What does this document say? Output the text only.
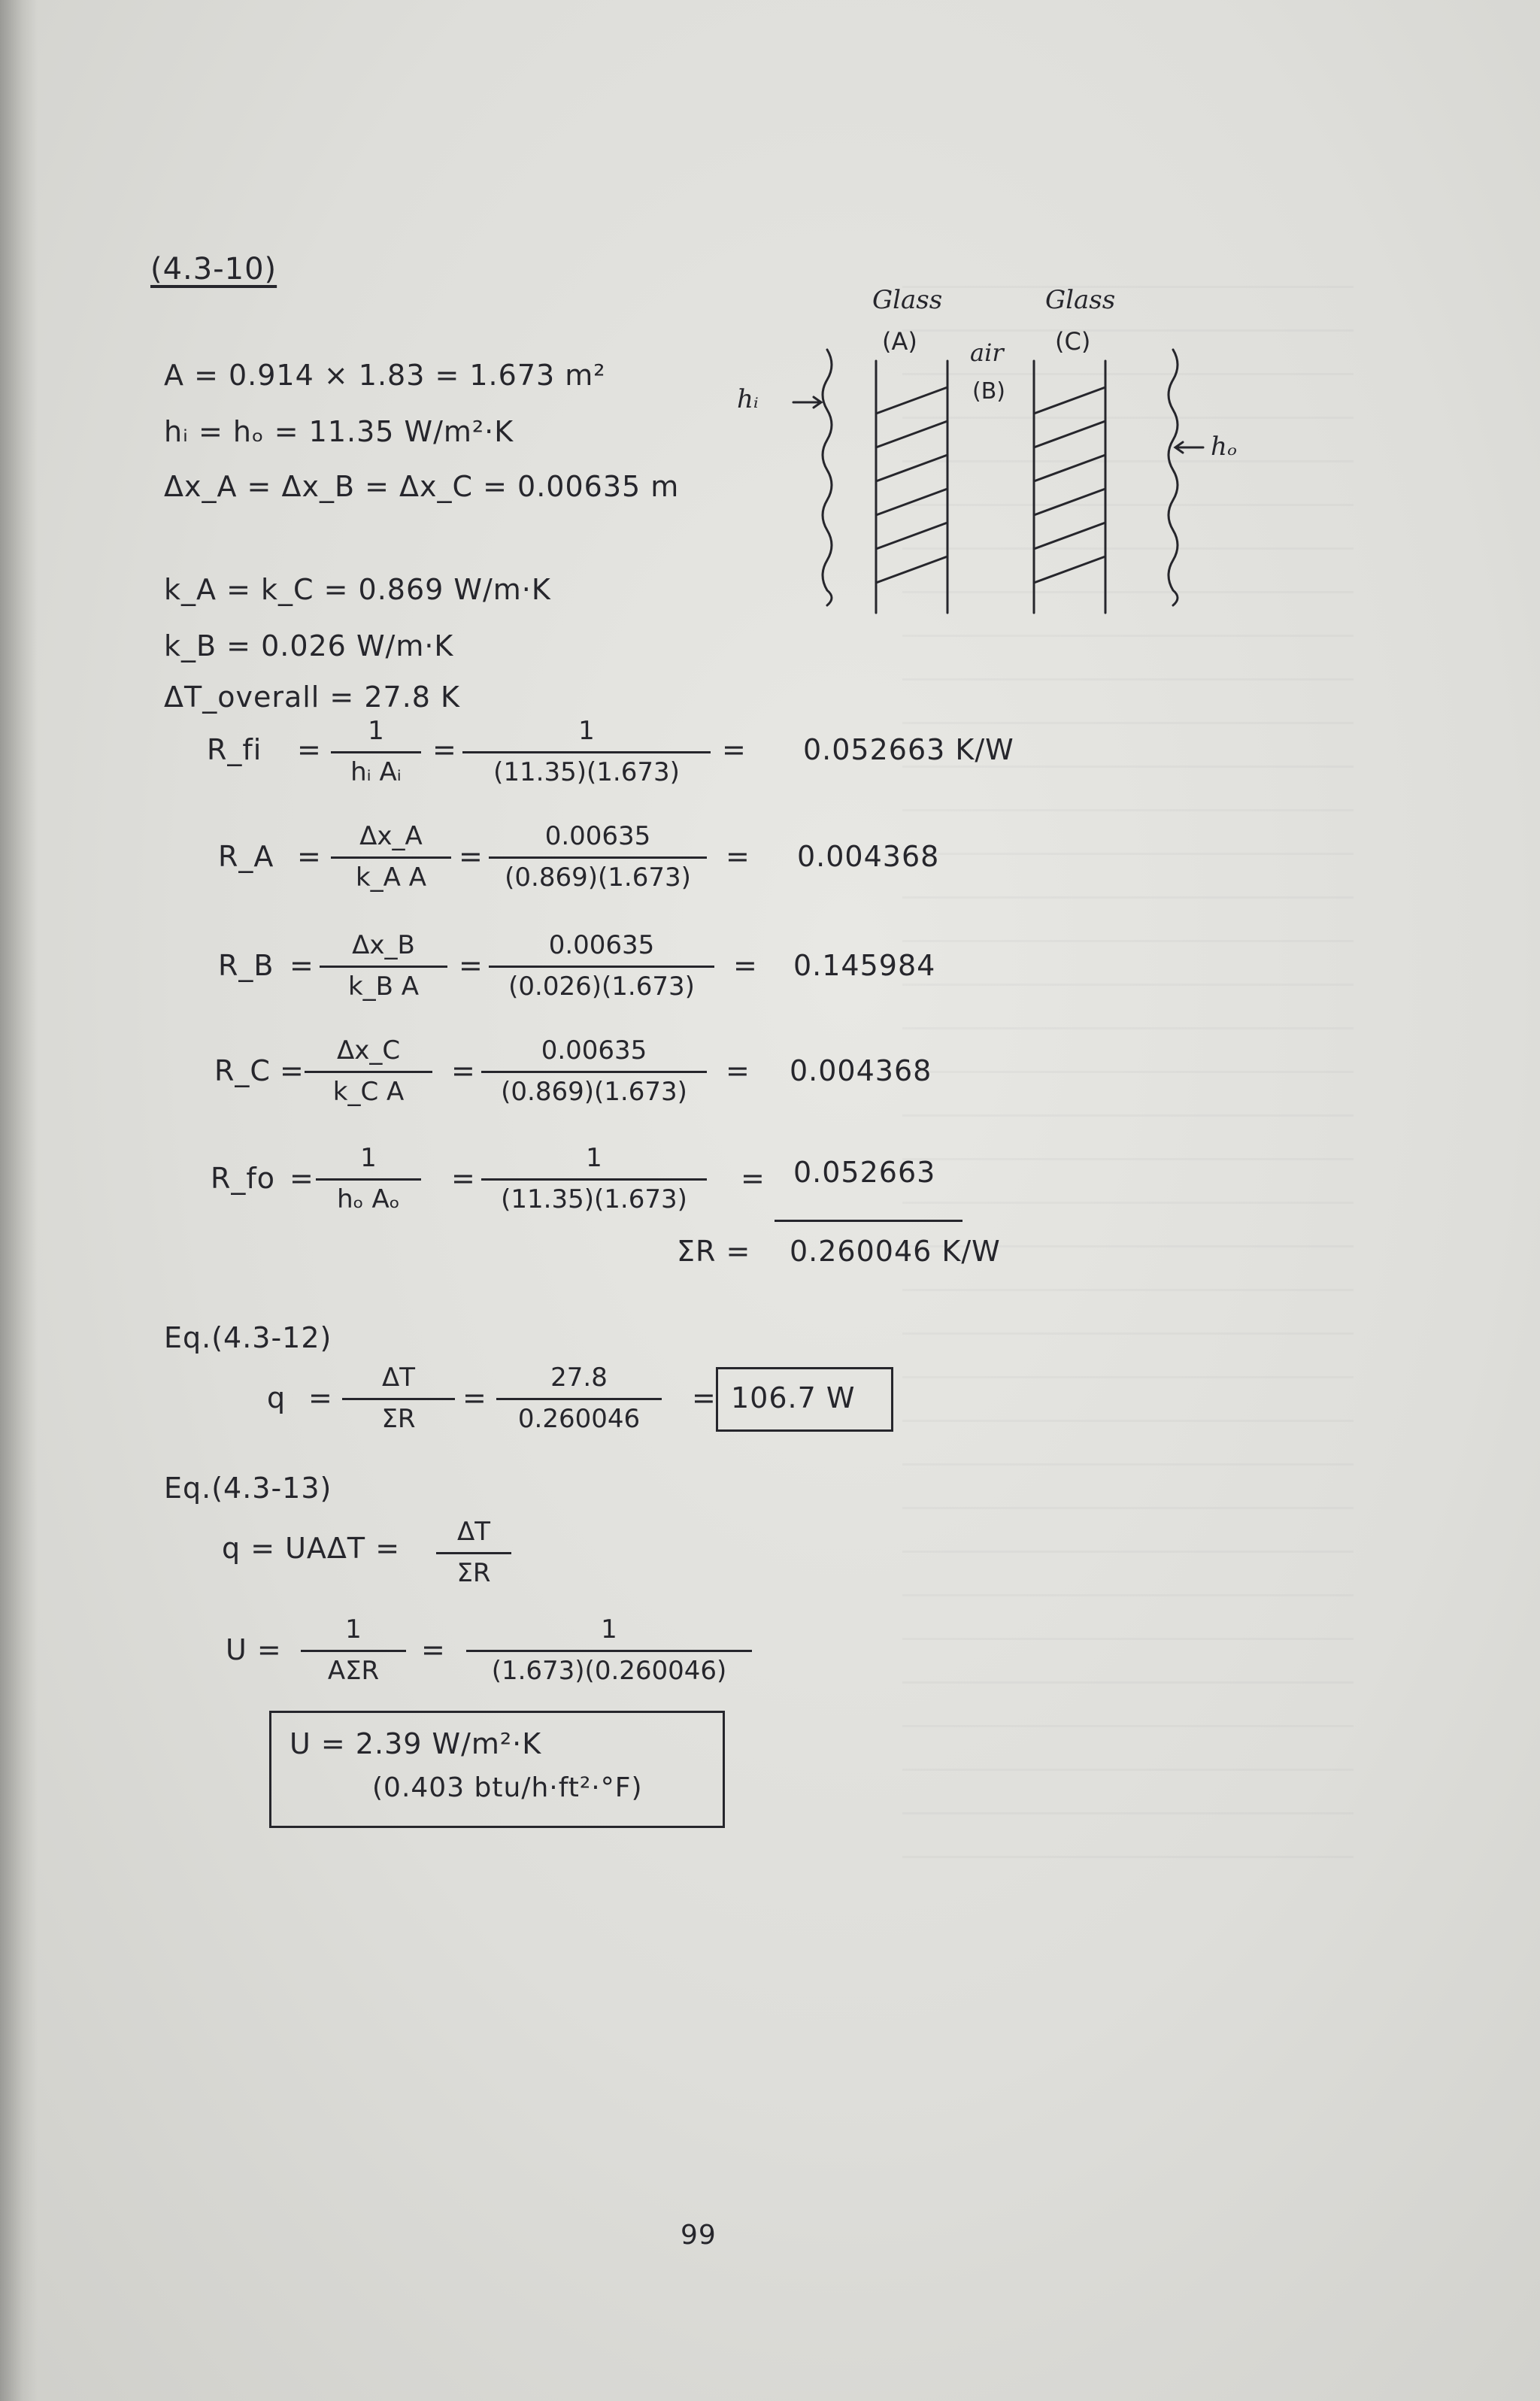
(4.3-10)
A = 0.914 × 1.83 = 1.673 m²
hᵢ = hₒ = 11.35 W/m²·K
Δx_A = Δx_B = Δx_C = 0.00635 m
k_A = k_C = 0.869 W/m·K
k_B = 0.026 W/m·K
ΔT_overall = 27.8 K
Glass	Glass
(A)	(C)
air
(B)
hᵢ
hₒ
R_fi =
1
hᵢ Aᵢ
=
1
(11.35)(1.673)
= 0.052663 K/W
R_A =
Δx_A
k_A A
=
0.00635
(0.869)(1.673)
= 0.004368
R_B =
Δx_B
k_B A
=
0.00635
(0.026)(1.673)
= 0.145984
R_C =
Δx_C
k_C A
=
0.00635
(0.869)(1.673)
= 0.004368
R_fo =
1
hₒ Aₒ
=
1
(11.35)(1.673)
= 0.052663
ΣR = 0.260046 K/W
Eq.(4.3-12)
q =
ΔT
ΣR
=
27.8
0.260046
= 106.7 W
Eq.(4.3-13)
q = UAΔT =	ΔT
ΣR
U =
1
AΣR
=
1
(1.673)(0.260046)
U = 2.39 W/m²·K
(0.403 btu/h·ft²·°F)
99
